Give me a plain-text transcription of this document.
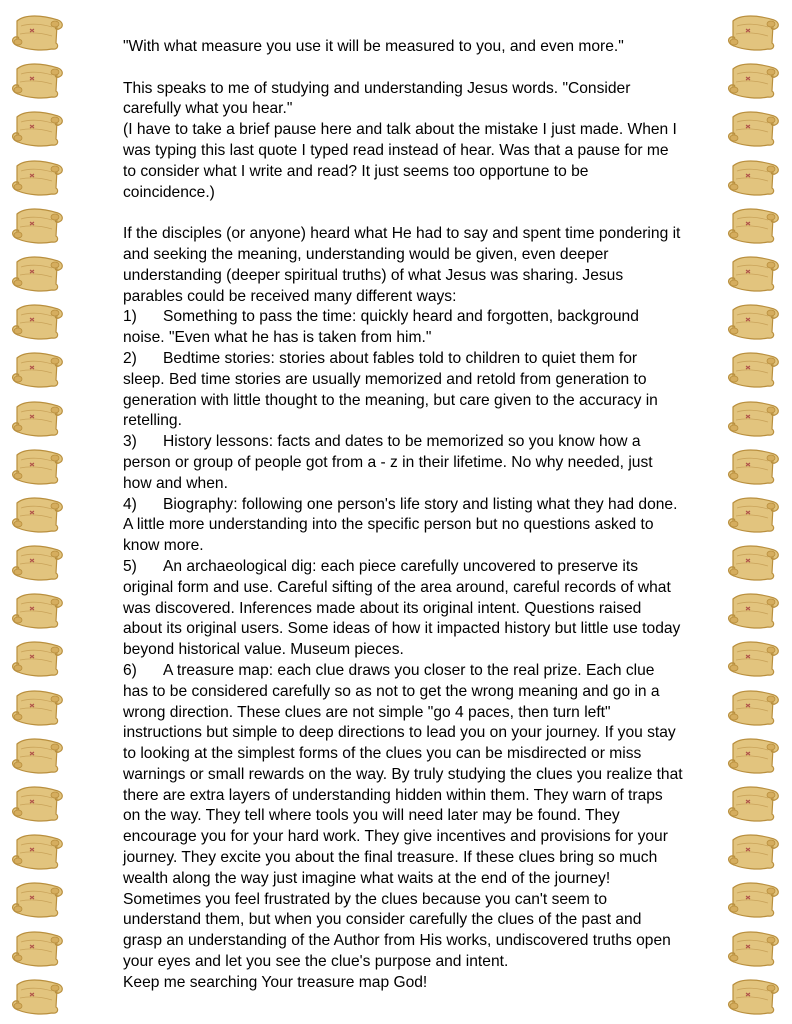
"With what measure you use it will be measured to you, and even more."

This speaks to me of studying and understanding Jesus words. "Consider carefully what you hear."

(I have to take a brief pause here and talk about the mistake I just made. When I was typing this last quote I typed read instead of hear. Was that a pause for me to consider what I write and read? It just seems too opportune to be coincidence.)

If the disciples (or anyone) heard what He had to say and spent time pondering it and seeking the meaning, understanding would be given, even deeper understanding (deeper spiritual truths) of what Jesus was sharing. Jesus parables could be received many different ways:

1) Something to pass the time: quickly heard and forgotten, background noise. "Even what he has is taken from him."

2) Bedtime stories: stories about fables told to children to quiet them for sleep. Bed time stories are usually memorized and retold from generation to generation with little thought to the meaning, but care given to the accuracy in retelling.

3) History lessons: facts and dates to be memorized so you know how a person or group of people got from a - z in their lifetime. No why needed, just how and when.

4) Biography: following one person's life story and listing what they had done. A little more understanding into the specific person but no questions asked to know more.

5) An archaeological dig: each piece carefully uncovered to preserve its original form and use. Careful sifting of the area around, careful records of what was discovered. Inferences made about its original intent. Questions raised about its original users. Some ideas of how it impacted history but little use today beyond historical value. Museum pieces.

6) A treasure map: each clue draws you closer to the real prize. Each clue has to be considered carefully so as not to get the wrong meaning and go in a wrong direction. These clues are not simple "go 4 paces, then turn left" instructions but simple to deep directions to lead you on your journey. If you stay to looking at the simplest forms of the clues you can be misdirected or miss warnings or small rewards on the way. By truly studying the clues you realize that there are extra layers of understanding hidden within them. They warn of traps on the way. They tell where tools you will need later may be found. They encourage you for your hard work. They give incentives and provisions for your journey. They excite you about the final treasure. If these clues bring so much wealth along the way just imagine what waits at the end of the journey! Sometimes you feel frustrated by the clues because you can't seem to understand them, but when you consider carefully the clues of the past and grasp an understanding of the Author from His works, undiscovered truths open your eyes and let you see the clue's purpose and intent.

Keep me searching Your treasure map God!
